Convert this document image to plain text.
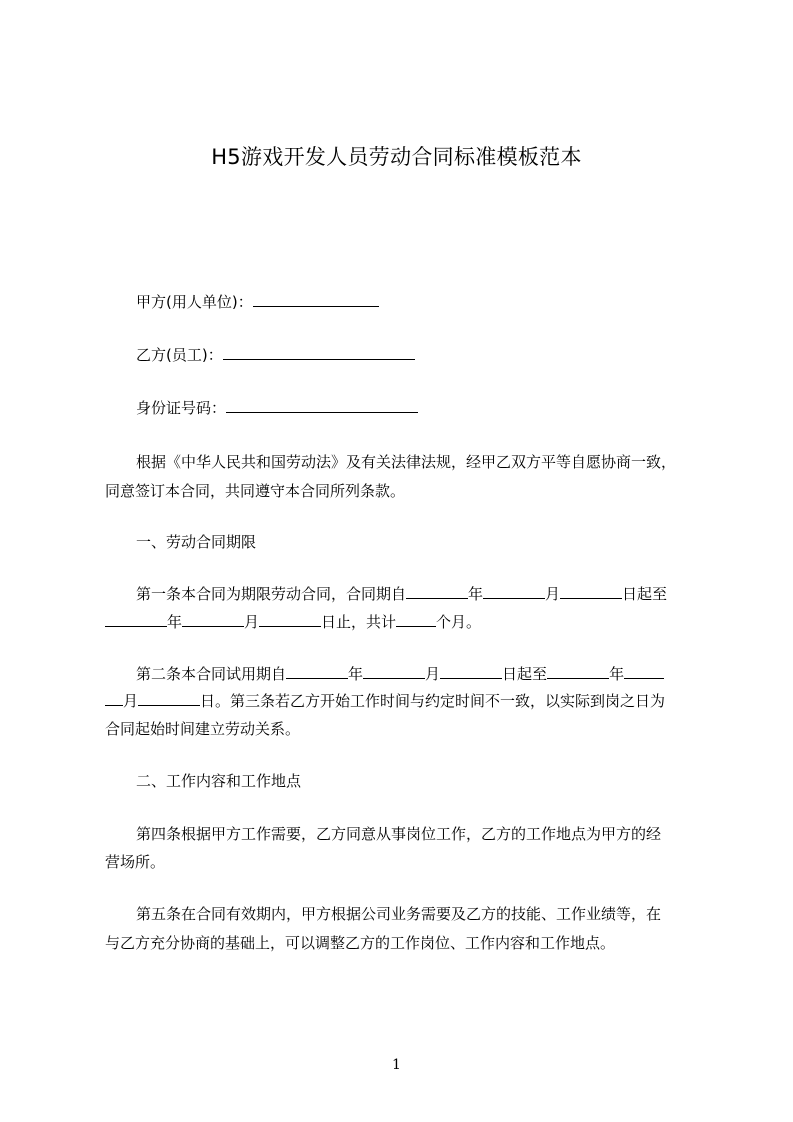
H5游戏开发人员劳动合同标准模板范本
甲方(用人单位)：
乙方(员工)：
身份证号码：
根据《中华人民共和国劳动法》及有关法律法规，经甲乙双方平等自愿协商一致，
同意签订本合同，共同遵守本合同所列条款。
一、劳动合同期限
第一条本合同为期限劳动合同，合同期自	年	月	日起至
年	月	日止，共计	个月。
第二条本合同试用期自	年	月	日起至	年
月	日。第三条若乙方开始工作时间与约定时间不一致，以实际到岗之日为
合同起始时间建立劳动关系。
二、工作内容和工作地点
第四条根据甲方工作需要，乙方同意从事岗位工作，乙方的工作地点为甲方的经
营场所。
第五条在合同有效期内，甲方根据公司业务需要及乙方的技能、工作业绩等，在
与乙方充分协商的基础上，可以调整乙方的工作岗位、工作内容和工作地点。
1
